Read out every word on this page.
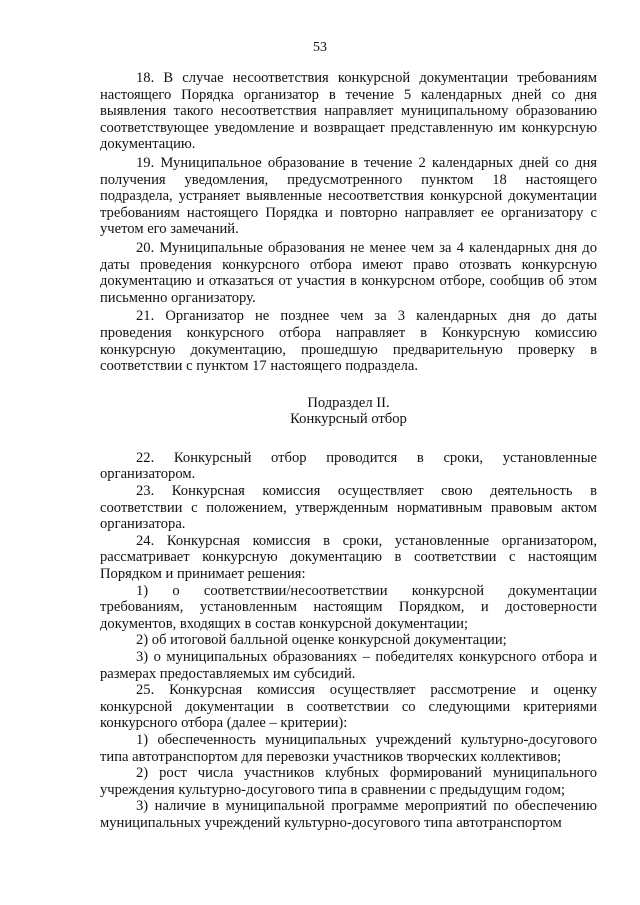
53

18. В случае несоответствия конкурсной документации требованиям настоящего Порядка организатор в течение 5 календарных дней со дня выявления такого несоответствия направляет муниципальному образованию соответствующее уведомление и возвращает представленную им конкурсную документацию.

19. Муниципальное образование в течение 2 календарных дней со дня получения уведомления, предусмотренного пунктом 18 настоящего подраздела, устраняет выявленные несоответствия конкурсной документации требованиям настоящего Порядка и повторно направляет ее организатору с учетом его замечаний.

20. Муниципальные образования не менее чем за 4 календарных дня до даты проведения конкурсного отбора имеют право отозвать конкурсную документацию и отказаться от участия в конкурсном отборе, сообщив об этом письменно организатору.

21. Организатор не позднее чем за 3 календарных дня до даты проведения конкурсного отбора направляет в Конкурсную комиссию конкурсную документацию, прошедшую предварительную проверку в соответствии с пунктом 17 настоящего подраздела.

Подраздел II.

Конкурсный отбор

22. Конкурсный отбор проводится в сроки, установленные организатором.

23. Конкурсная комиссия осуществляет свою деятельность в соответствии с положением, утвержденным нормативным правовым актом организатора.

24. Конкурсная комиссия в сроки, установленные организатором, рассматривает конкурсную документацию в соответствии с настоящим Порядком и принимает решения:

1) о соответствии/несоответствии конкурсной документации требованиям, установленным настоящим Порядком, и достоверности документов, входящих в состав конкурсной документации;

2) об итоговой балльной оценке конкурсной документации;

3) о муниципальных образованиях – победителях конкурсного отбора и размерах предоставляемых им субсидий.

25. Конкурсная комиссия осуществляет рассмотрение и оценку конкурсной документации в соответствии со следующими критериями конкурсного отбора (далее – критерии):

1) обеспеченность муниципальных учреждений культурно-досугового типа автотранспортом для перевозки участников творческих коллективов;

2) рост числа участников клубных формирований муниципального учреждения культурно-досугового типа в сравнении с предыдущим годом;

3) наличие в муниципальной программе мероприятий по обеспечению муниципальных учреждений культурно-досугового типа автотранспортом
